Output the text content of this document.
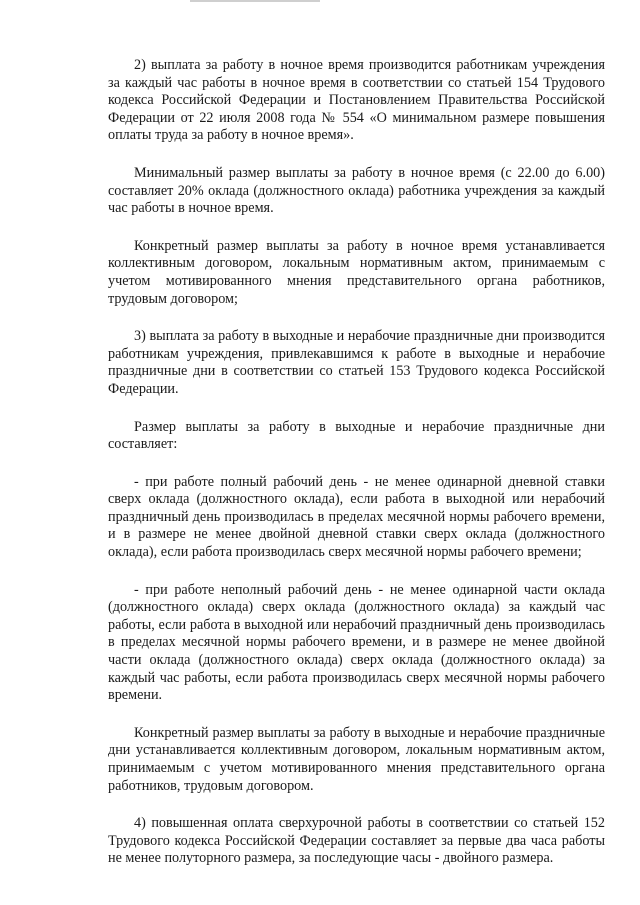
2) выплата за работу в ночное время производится работникам учреждения за каждый час работы в ночное время в соответствии со статьей 154 Трудового кодекса Российской Федерации и Постановлением Правительства Российской Федерации от 22 июля 2008 года № 554 «О минимальном размере повышения оплаты труда за работу в ночное время».

Минимальный размер выплаты за работу в ночное время (с 22.00 до 6.00) составляет 20% оклада (должностного оклада) работника учреждения за каждый час работы в ночное время.

Конкретный размер выплаты за работу в ночное время устанавливается коллективным договором, локальным нормативным актом, принимаемым с учетом мотивированного мнения представительного органа работников, трудовым договором;

3) выплата за работу в выходные и нерабочие праздничные дни производится работникам учреждения, привлекавшимся к работе в выходные и нерабочие праздничные дни в соответствии со статьей 153 Трудового кодекса Российской Федерации.

Размер выплаты за работу в выходные и нерабочие праздничные дни составляет:

- при работе полный рабочий день - не менее одинарной дневной ставки сверх оклада (должностного оклада), если работа в выходной или нерабочий праздничный день производилась в пределах месячной нормы рабочего времени, и в размере не менее двойной дневной ставки сверх оклада (должностного оклада), если работа производилась сверх месячной нормы рабочего времени;

- при работе неполный рабочий день - не менее одинарной части оклада (должностного оклада) сверх оклада (должностного оклада) за каждый час работы, если работа в выходной или нерабочий праздничный день производилась в пределах месячной нормы рабочего времени, и в размере не менее двойной части оклада (должностного оклада) сверх оклада (должностного оклада) за каждый час работы, если работа производилась сверх месячной нормы рабочего времени.

Конкретный размер выплаты за работу в выходные и нерабочие праздничные дни устанавливается коллективным договором, локальным нормативным актом, принимаемым с учетом мотивированного мнения представительного органа работников, трудовым договором.

4) повышенная оплата сверхурочной работы в соответствии со статьей 152 Трудового кодекса Российской Федерации составляет за первые два часа работы не менее полуторного размера, за последующие часы - двойного размера.
